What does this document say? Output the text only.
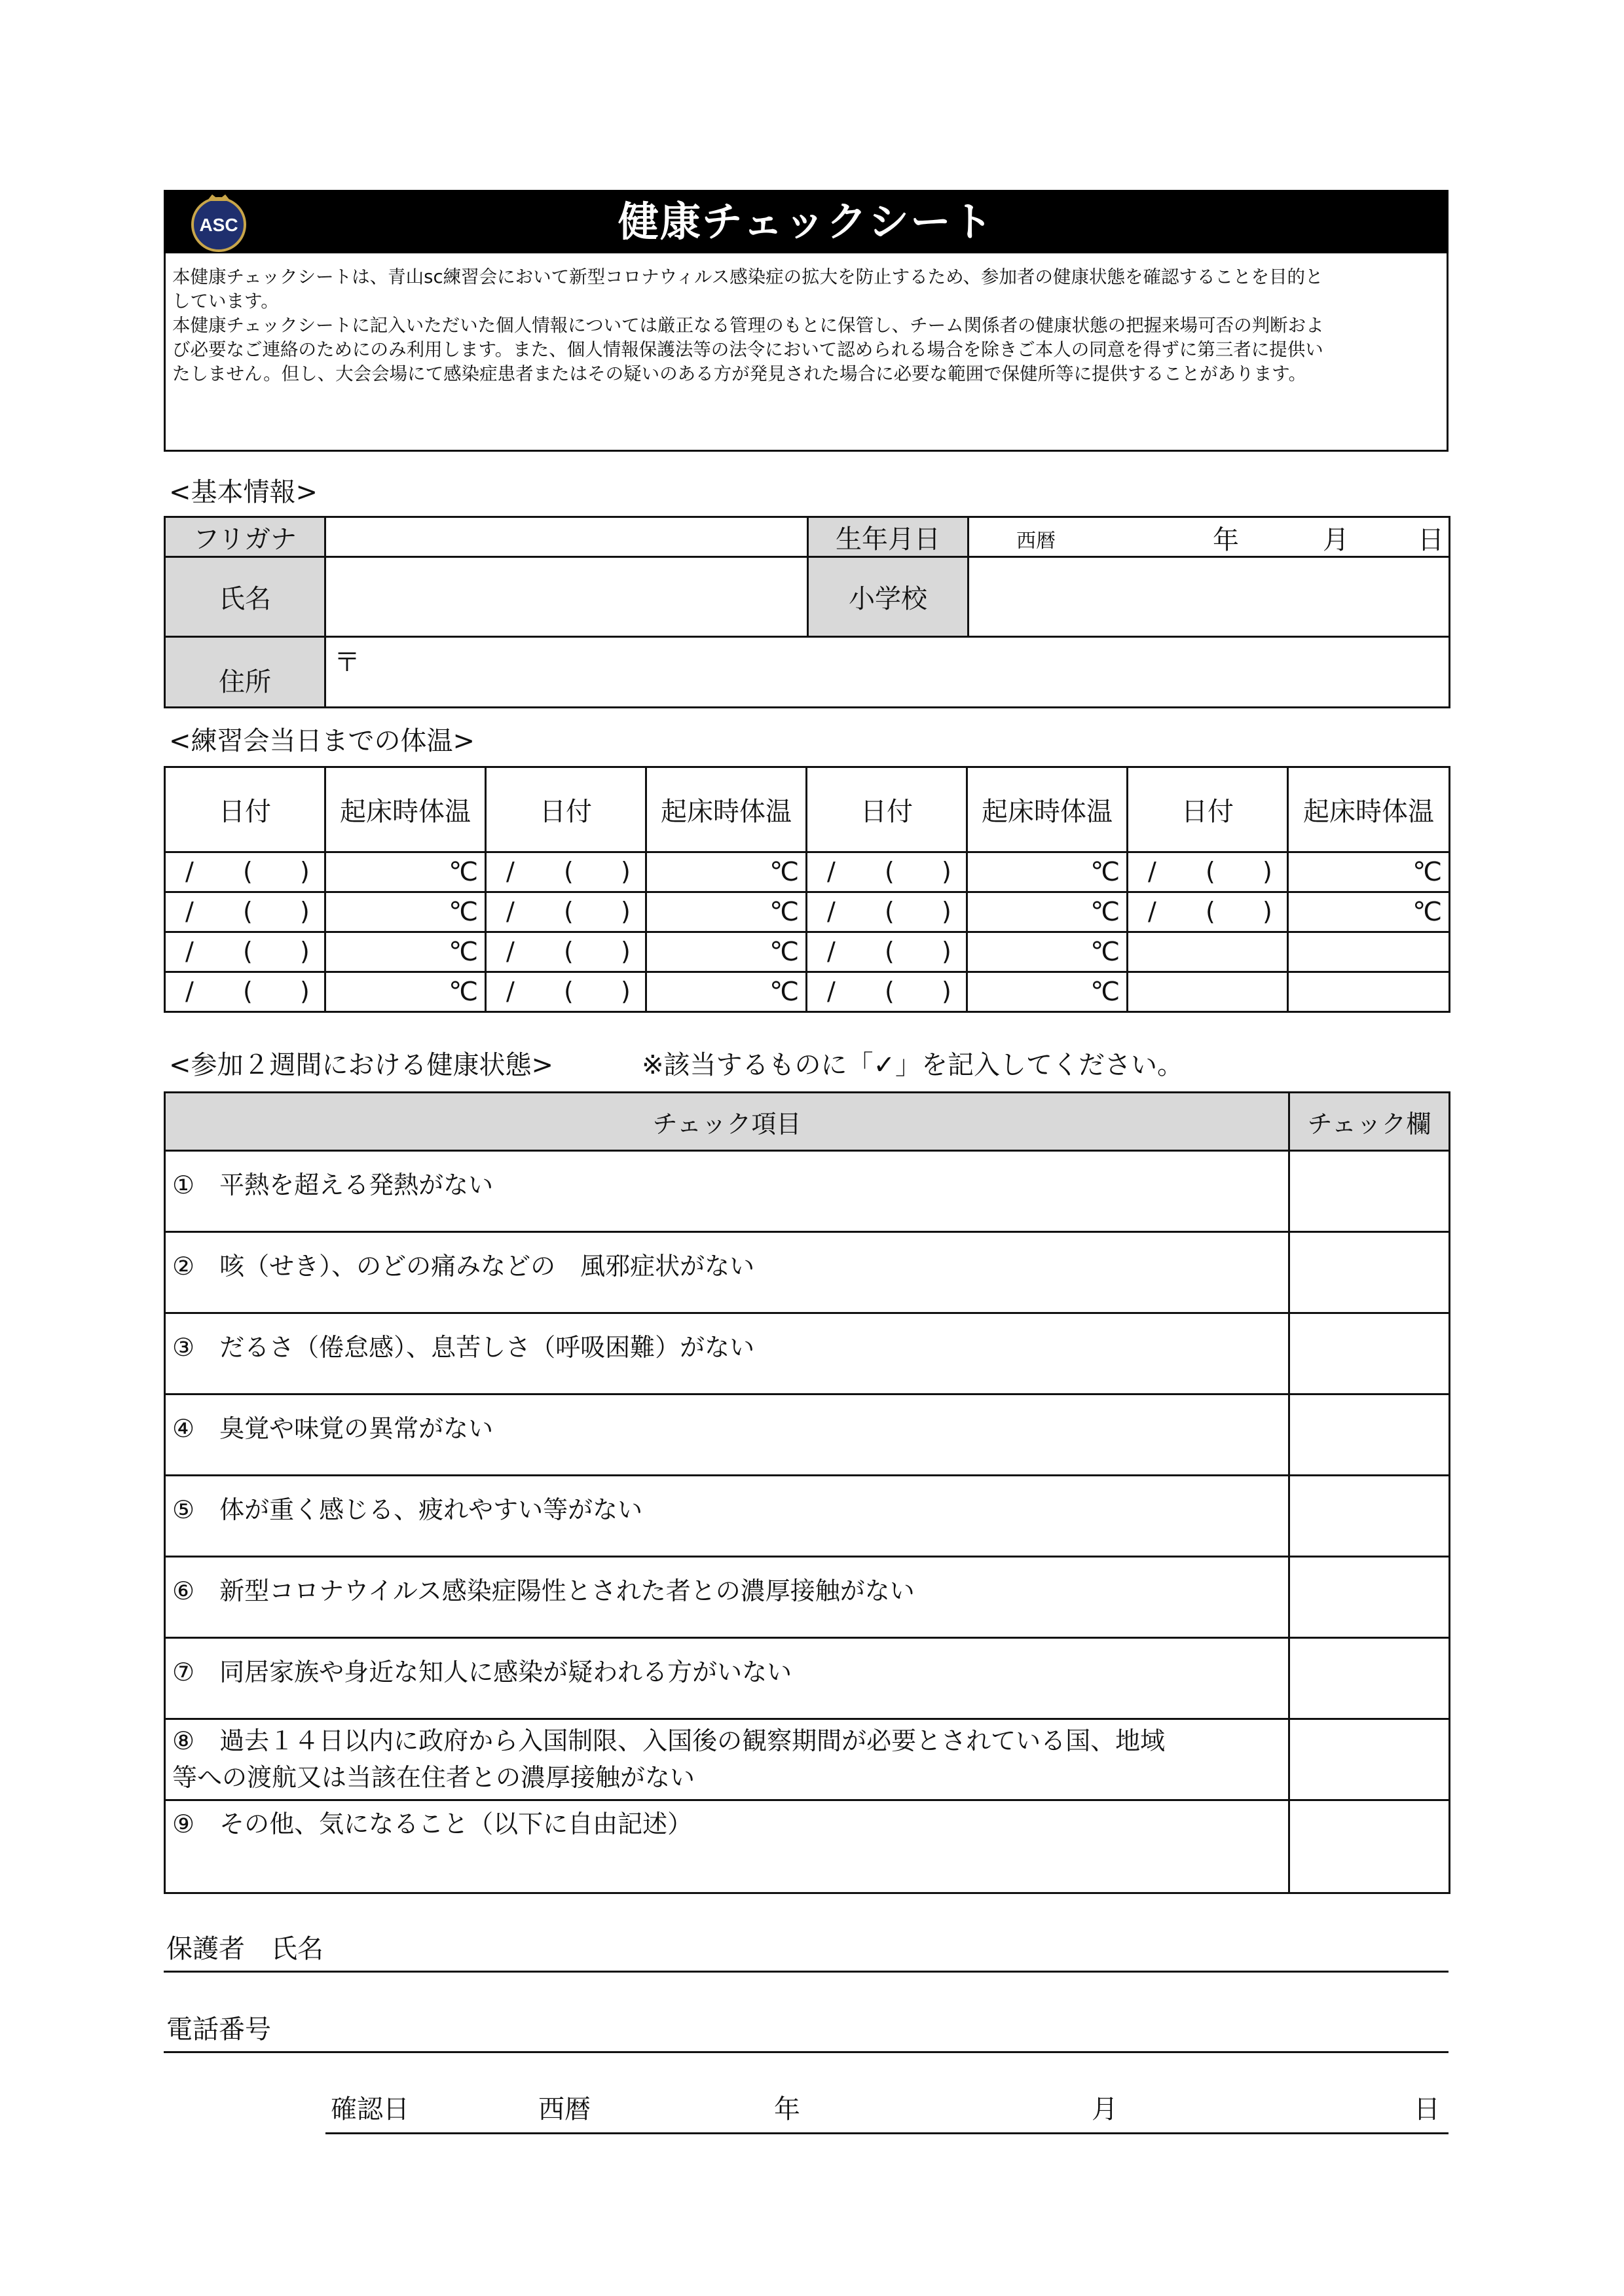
ASC	健康チェックシート

本健康チェックシートは、青山sc練習会において新型コロナウィルス感染症の拡大を防止するため、参加者の健康状態を確認することを目的と

しています。

本健康チェックシートに記入いただいた個人情報については厳正なる管理のもとに保管し、チーム関係者の健康状態の把握来場可否の判断およ

び必要なご連絡のためにのみ利用します。また、個人情報保護法等の法令において認められる場合を除きご本人の同意を得ずに第三者に提供い

たしません。但し、大会会場にて感染症患者またはその疑いのある方が発見された場合に必要な範囲で保健所等に提供することがあります。

<基本情報>
フリガナ		生年月日	西暦 年 月 日

氏名		小学校	
住所	〒		
<練習会当日までの体温>
日付	起床時体温	日付	起床時体温	日付	起床時体温	日付	起床時体温

/ ( )	℃	/ ( )	℃	/ ( )	℃	/ ( )	℃

/ ( )	℃	/ ( )	℃	/ ( )	℃	/ ( )	℃

/ ( )	℃	/ ( )	℃	/ ( )	℃		

/ ( )	℃	/ ( )	℃	/ ( )	℃		
<参加２週間における健康状態>	※該当するものに「✓」を記入してください。
チェック項目	チェック欄
①　平熱を超える発熱がない	
②　咳（せき）、のどの痛みなどの　風邪症状がない	
③　だるさ（倦怠感）、息苦しさ（呼吸困難）がない	
④　臭覚や味覚の異常がない	
⑤　体が重く感じる、疲れやすい等がない	
⑥　新型コロナウイルス感染症陽性とされた者との濃厚接触がない	
⑦　同居家族や身近な知人に感染が疑われる方がいない	

⑧　過去１４日以内に政府から入国制限、入国後の観察期間が必要とされている国、地域
等への渡航又は当該在住者との濃厚接触がない	

⑨　その他、気になること（以下に自由記述）	
保護者　氏名
電話番号
確認日	西暦	年	月	日
